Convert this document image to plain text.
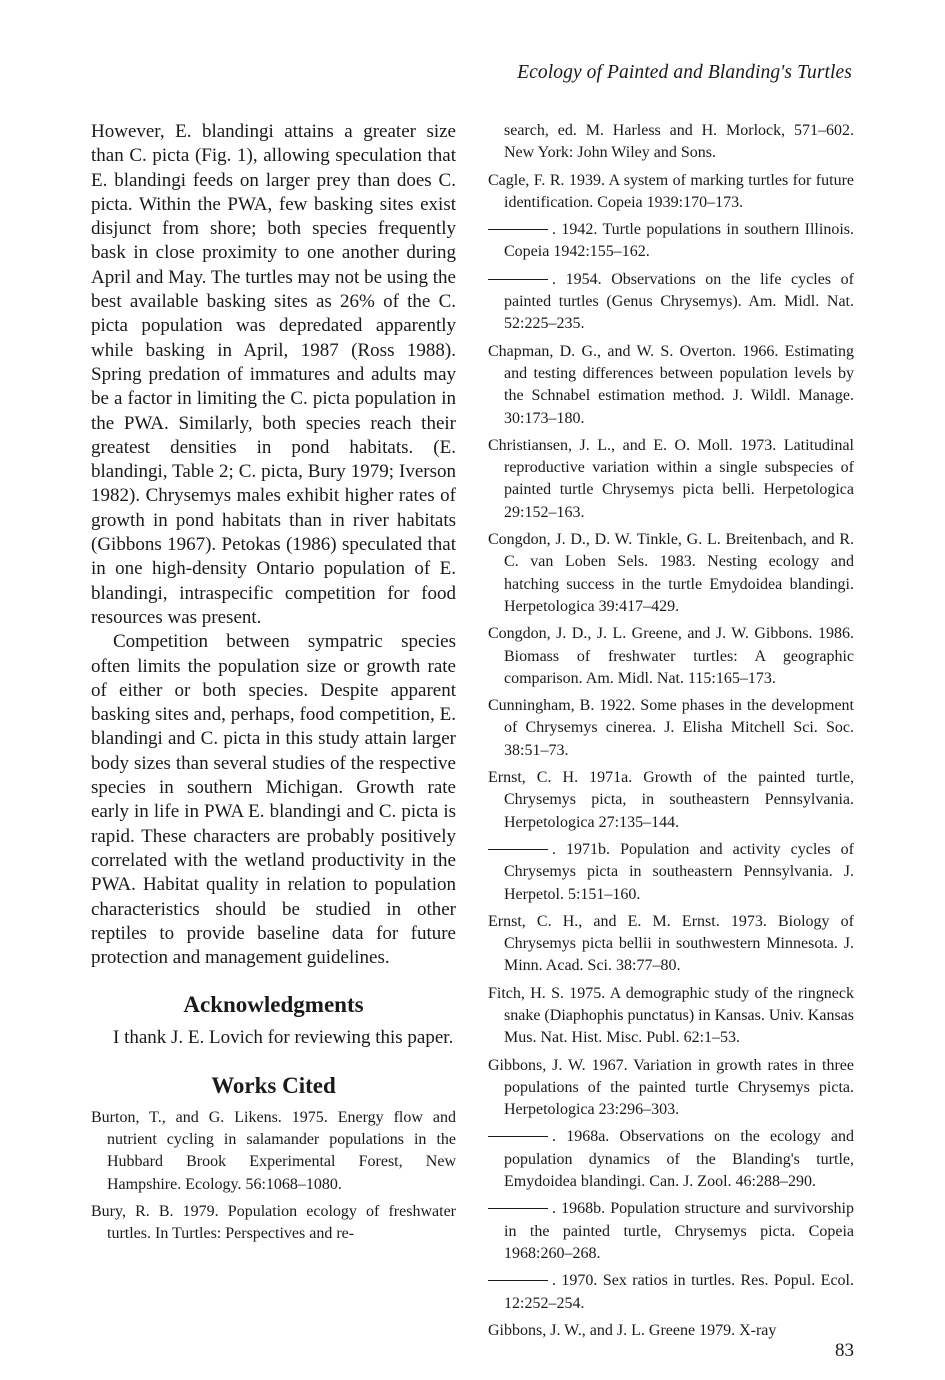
Ecology of Painted and Blanding's Turtles

However, E. blandingi attains a greater size than C. picta (Fig. 1), allowing speculation that E. blandingi feeds on larger prey than does C. picta. Within the PWA, few basking sites exist disjunct from shore; both species frequently bask in close proximity to one another during April and May. The turtles may not be using the best available basking sites as 26% of the C. picta population was depredated apparently while basking in April, 1987 (Ross 1988). Spring predation of immatures and adults may be a factor in limiting the C. picta population in the PWA. Similarly, both species reach their greatest densities in pond habitats. (E. blandingi, Table 2; C. picta, Bury 1979; Iverson 1982). Chrysemys males exhibit higher rates of growth in pond habitats than in river habitats (Gibbons 1967). Petokas (1986) speculated that in one high-density Ontario population of E. blandingi, intraspecific competition for food resources was present.

Competition between sympatric species often limits the population size or growth rate of either or both species. Despite apparent basking sites and, perhaps, food competition, E. blandingi and C. picta in this study attain larger body sizes than several studies of the respective species in southern Michigan. Growth rate early in life in PWA E. blandingi and C. picta is rapid. These characters are probably positively correlated with the wetland productivity in the PWA. Habitat quality in relation to population characteristics should be studied in other reptiles to provide baseline data for future protection and management guidelines.

Acknowledgments

I thank J. E. Lovich for reviewing this paper.

Works Cited
Burton, T., and G. Likens. 1975. Energy flow and nutrient cycling in salamander populations in the Hubbard Brook Experimental Forest, New Hampshire. Ecology. 56:1068–1080.
Bury, R. B. 1979. Population ecology of freshwater turtles. In Turtles: Perspectives and re-
search, ed. M. Harless and H. Morlock, 571–602. New York: John Wiley and Sons.
Cagle, F. R. 1939. A system of marking turtles for future identification. Copeia 1939:170–173.
. 1942. Turtle populations in southern Illinois. Copeia 1942:155–162.
. 1954. Observations on the life cycles of painted turtles (Genus Chrysemys). Am. Midl. Nat. 52:225–235.
Chapman, D. G., and W. S. Overton. 1966. Estimating and testing differences between population levels by the Schnabel estimation method. J. Wildl. Manage. 30:173–180.
Christiansen, J. L., and E. O. Moll. 1973. Latitudinal reproductive variation within a single subspecies of painted turtle Chrysemys picta belli. Herpetologica 29:152–163.
Congdon, J. D., D. W. Tinkle, G. L. Breitenbach, and R. C. van Loben Sels. 1983. Nesting ecology and hatching success in the turtle Emydoidea blandingi. Herpetologica 39:417–429.
Congdon, J. D., J. L. Greene, and J. W. Gibbons. 1986. Biomass of freshwater turtles: A geographic comparison. Am. Midl. Nat. 115:165–173.
Cunningham, B. 1922. Some phases in the development of Chrysemys cinerea. J. Elisha Mitchell Sci. Soc. 38:51–73.
Ernst, C. H. 1971a. Growth of the painted turtle, Chrysemys picta, in southeastern Pennsylvania. Herpetologica 27:135–144.
. 1971b. Population and activity cycles of Chrysemys picta in southeastern Pennsylvania. J. Herpetol. 5:151–160.
Ernst, C. H., and E. M. Ernst. 1973. Biology of Chrysemys picta bellii in southwestern Minnesota. J. Minn. Acad. Sci. 38:77–80.
Fitch, H. S. 1975. A demographic study of the ringneck snake (Diaphophis punctatus) in Kansas. Univ. Kansas Mus. Nat. Hist. Misc. Publ. 62:1–53.
Gibbons, J. W. 1967. Variation in growth rates in three populations of the painted turtle Chrysemys picta. Herpetologica 23:296–303.
. 1968a. Observations on the ecology and population dynamics of the Blanding's turtle, Emydoidea blandingi. Can. J. Zool. 46:288–290.
. 1968b. Population structure and survivorship in the painted turtle, Chrysemys picta. Copeia 1968:260–268.
. 1970. Sex ratios in turtles. Res. Popul. Ecol. 12:252–254.
Gibbons, J. W., and J. L. Greene 1979. X-ray
83
